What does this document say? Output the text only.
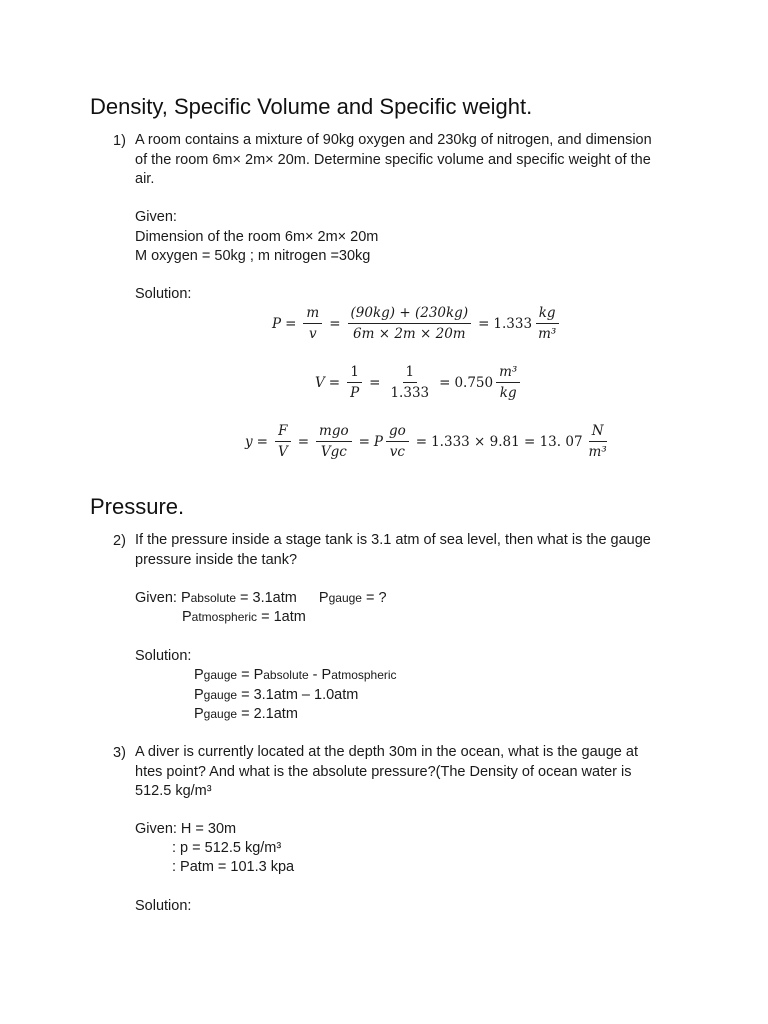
Density, Specific Volume and Specific weight.
1) A room contains a mixture of 90kg oxygen and 230kg of nitrogen, and dimension
of the room 6m× 2m× 20m. Determine specific volume and specific weight of the
air.
Given:
Dimension of the room 6m× 2m× 20m
M oxygen = 50kg ; m nitrogen =30kg
Solution:
$P = \frac{m}{v} = \frac{(90kg) + (230kg)}{6m \times 2m \times 20m} = 1.333 \frac{kg}{\text{m³}}$
$V = \frac{1}{P} = \frac{1}{1.333} = 0.750 \frac{\text{m³}}{kg}$
$y = \frac{F}{V} = \frac{\text{mgo}}{\text{Vgc}} = P \frac{go}{vc} = 1.333 \times 9.81 = 13$. $07 \frac{N}{\text{m³}}$
Pressure.
2) If the pressure inside a stage tank is 3.1 atm of sea level, then what is the gauge
pressure inside the tank?
Given: Pabsolute = 3.1atm Pgauge = ?
Patmospheric = 1atm
Solution:
Pgauge = Pabsolute - Patmospheric
Pgauge = 3.1atm – 1.0atm
Pgauge = 2.1atm
3) A diver is currently located at the depth 30m in the ocean, what is the gauge at
htes point? And what is the absolute pressure?(The Density of ocean water is
512.5 kg/m³
Given: H = 30m
: p = 512.5 kg/m³
: Patm = 101.3 kpa
Solution:
